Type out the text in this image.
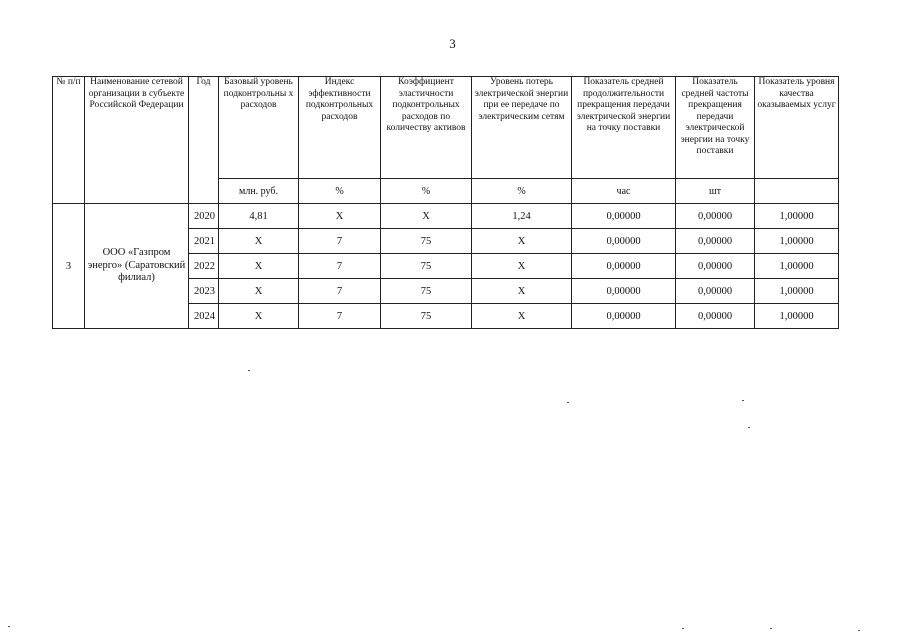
3
№ п/п	Наименование сетевой организации в субъекте Российской Федерации	Год	Базовый уровень подконтрольны х расходов	Индекс эффективности подконтрольных расходов	Коэффициент эластичности подконтрольных расходов по количеству активов	Уровень потерь электрической энергии при ее передаче по электрическим сетям	Показатель средней продолжительности прекращения передачи электрической энергии на точку поставки	Показатель средней частоты прекращения передачи электрической энергии на точку поставки	Показатель уровня качества оказываемых услуг
			млн. руб.	%	%	%	час	шт	
3	ООО «Газпром энерго» (Саратовский филиал)	2020	4,81	Х	Х	1,24	0,00000	0,00000	1,00000
		2021	Х	7	75	Х	0,00000	0,00000	1,00000
		2022	Х	7	75	Х	0,00000	0,00000	1,00000
		2023	Х	7	75	Х	0,00000	0,00000	1,00000
		2024	Х	7	75	Х	0,00000	0,00000	1,00000
